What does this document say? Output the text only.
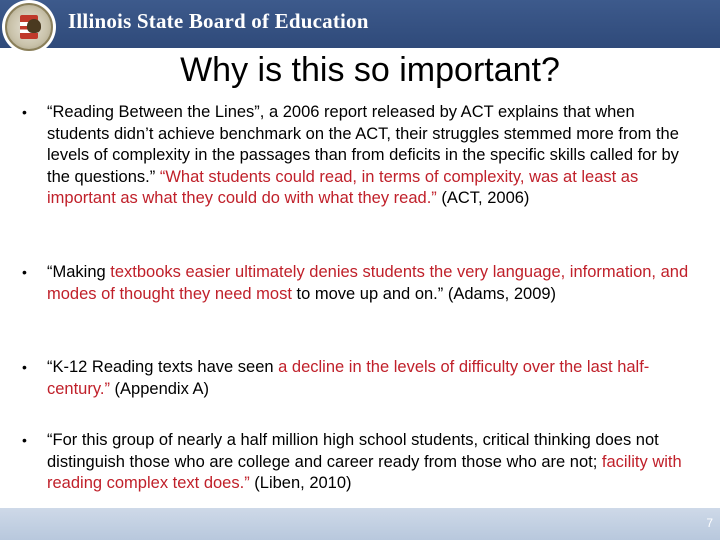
Illinois State Board of Education
Why is this so important?
• “Reading Between the Lines”, a 2006 report released by ACT explains that when students didn’t achieve benchmark on the ACT, their struggles stemmed more from the levels of complexity in the passages than from deficits in the specific skills called for by the questions.” “What students could read, in terms of complexity, was at least as important as what they could do with what they read.” (ACT, 2006)
• “Making textbooks easier ultimately denies students the very language, information, and modes of thought they need most to move up and on.” (Adams, 2009)
• “K-12 Reading texts have seen a decline in the levels of difficulty over the last half-century.” (Appendix A)
• “For this group of nearly a half million high school students, critical thinking does not distinguish those who are college and career ready from those who are not; facility with reading complex text does.” (Liben, 2010)
7
